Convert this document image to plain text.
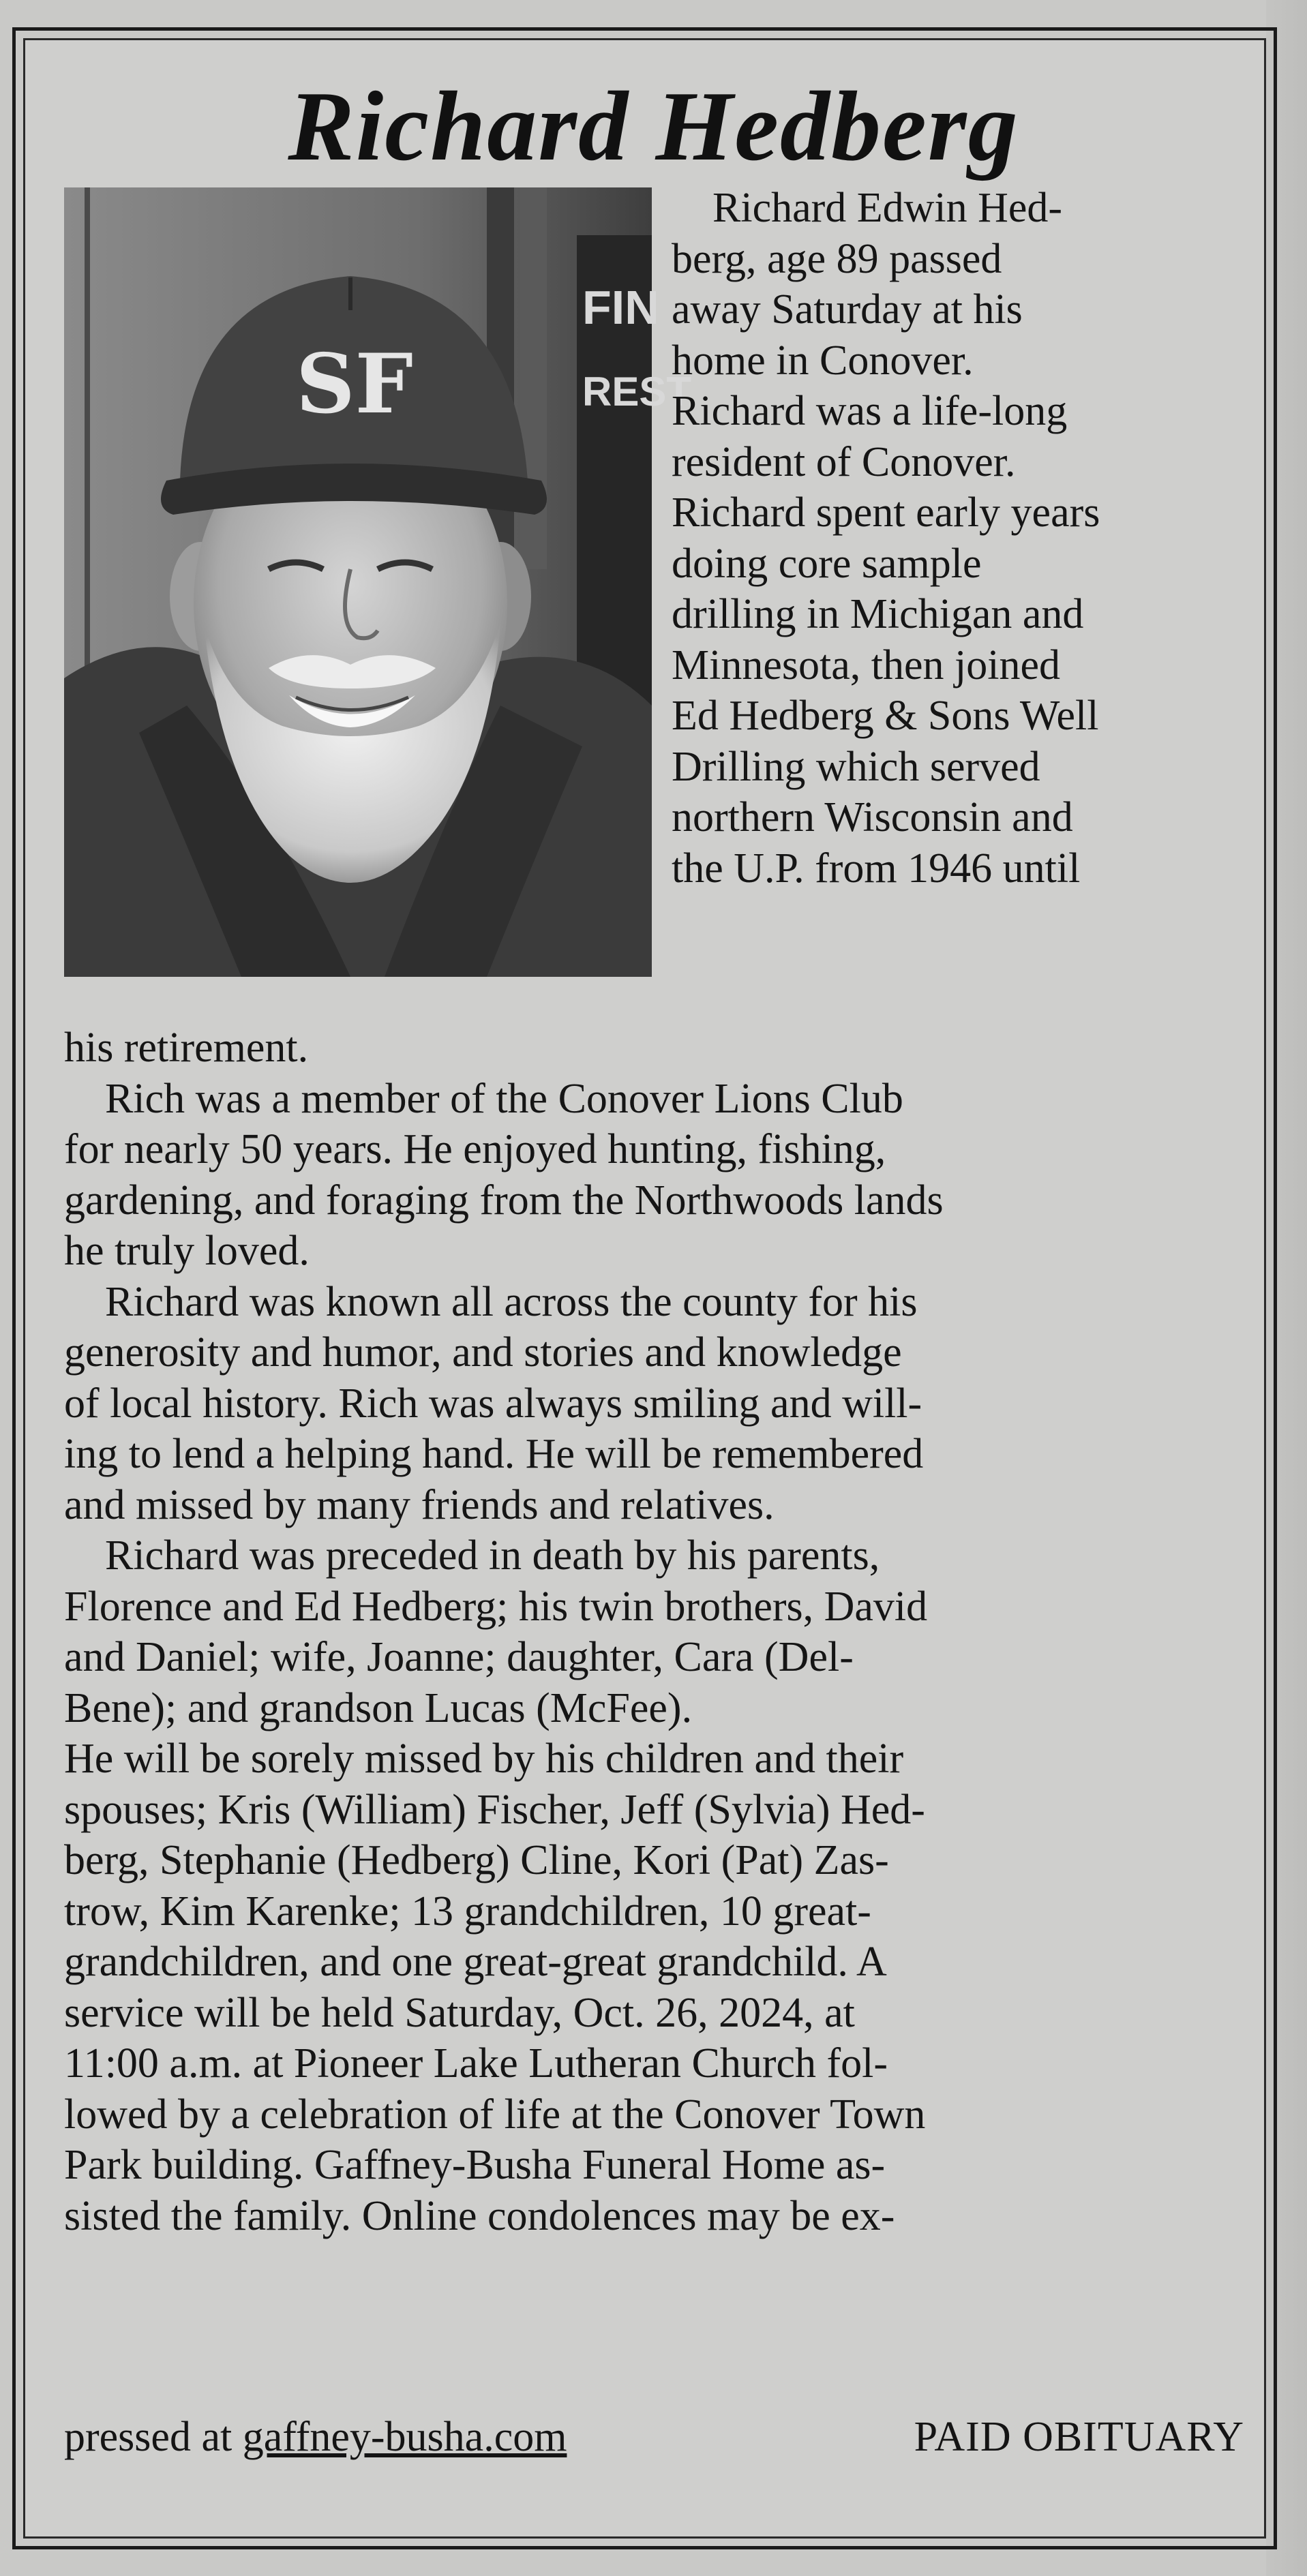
Richard Hedberg
FIN
REST
SF
Richard Edwin Hed-
berg, age 89 passed
away Saturday at his
home in Conover.
Richard was a life-long
resident of Conover.
Richard spent early years
doing core sample
drilling in Michigan and
Minnesota, then joined
Ed Hedberg & Sons Well
Drilling which served
northern Wisconsin and
the U.P. from 1946 until
his retirement.
Rich was a member of the Conover Lions Club
for nearly 50 years. He enjoyed hunting, fishing,
gardening, and foraging from the Northwoods lands
he truly loved.
Richard was known all across the county for his
generosity and humor, and stories and knowledge
of local history. Rich was always smiling and will-
ing to lend a helping hand. He will be remembered
and missed by many friends and relatives.
Richard was preceded in death by his parents,
Florence and Ed Hedberg; his twin brothers, David
and Daniel; wife, Joanne; daughter, Cara (Del-
Bene); and grandson Lucas (McFee).
He will be sorely missed by his children and their
spouses; Kris (William) Fischer, Jeff (Sylvia) Hed-
berg, Stephanie (Hedberg) Cline, Kori (Pat) Zas-
trow, Kim Karenke; 13 grandchildren, 10 great-
grandchildren, and one great-great grandchild. A
service will be held Saturday, Oct. 26, 2024, at
11:00 a.m. at Pioneer Lake Lutheran Church fol-
lowed by a celebration of life at the Conover Town
Park building. Gaffney-Busha Funeral Home as-
sisted the family. Online condolences may be ex-
pressed at gaffney-busha.com	PAID OBITUARY
